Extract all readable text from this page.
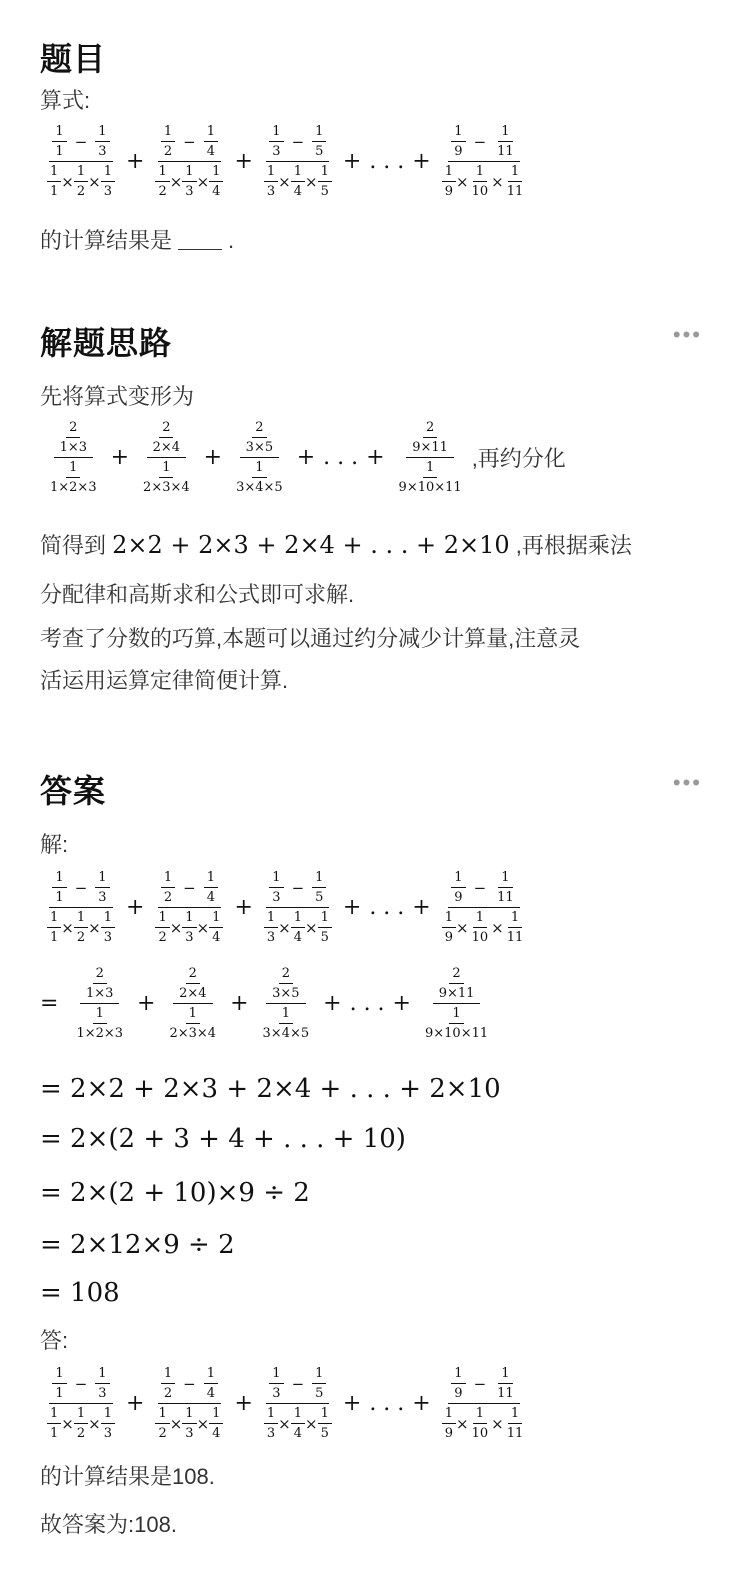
题目
算式:
$\frac{\frac{1}{1} - \frac{1}{3}}{\frac{1}{1} \times \frac{1}{2} \times \frac{1}{3}} + \frac{\frac{1}{2} - \frac{1}{4}}{\frac{1}{2} \times \frac{1}{3} \times \frac{1}{4}} + \frac{\frac{1}{3} - \frac{1}{5}}{\frac{1}{3} \times \frac{1}{4} \times \frac{1}{5}}$ + . . . + $\frac{\frac{1}{9} - \frac{1}{11}}{\frac{1}{9} \times \frac{1}{10} \times \frac{1}{11}}$
的计算结果是	.
解题思路	•••
先将算式变形为
$\frac{\frac{2}{1\times 3}}{\frac{1}{1\times 2\times 3}} + \frac{\frac{2}{2\times 4}}{\frac{1}{2\times 3\times 4}} + \frac{\frac{2}{3\times 5}}{\frac{1}{3\times 4\times 5}}$ + . . . + $\frac{\frac{2}{9\times 11}}{\frac{1}{9\times 10\times 11}}$ ,再约分化
简得到 2×2 + 2×3 + 2×4 + . . . + 2×10 ,再根据乘法
分配律和高斯求和公式即可求解.
考查了分数的巧算,本题可以通过约分减少计算量,注意灵
活运用运算定律简便计算.
答案	•••
解:
$\frac{\frac{1}{1} - \frac{1}{3}}{\frac{1}{1} \times \frac{1}{2} \times \frac{1}{3}} + \frac{\frac{1}{2} - \frac{1}{4}}{\frac{1}{2} \times \frac{1}{3} \times \frac{1}{4}} + \frac{\frac{1}{3} - \frac{1}{5}}{\frac{1}{3} \times \frac{1}{4} \times \frac{1}{5}}$ + . . . + $\frac{\frac{1}{9} - \frac{1}{11}}{\frac{1}{9} \times \frac{1}{10} \times \frac{1}{11}}$
= $\frac{\frac{2}{1\times 3}}{\frac{1}{1\times 2\times 3}} + \frac{\frac{2}{2\times 4}}{\frac{1}{2\times 3\times 4}} + \frac{\frac{2}{3\times 5}}{\frac{1}{3\times 4\times 5}}$ + . . . + $\frac{\frac{2}{9\times 11}}{\frac{1}{9\times 10\times 11}}$
= 2×2 + 2×3 + 2×4 + . . . + 2×10
= 2×(2 + 3 + 4 + . . . + 10)
= 2×(2 + 10)×9 ÷ 2
= 2×12×9 ÷ 2
= 108
答:
$\frac{\frac{1}{1} - \frac{1}{3}}{\frac{1}{1} \times \frac{1}{2} \times \frac{1}{3}} + \frac{\frac{1}{2} - \frac{1}{4}}{\frac{1}{2} \times \frac{1}{3} \times \frac{1}{4}} + \frac{\frac{1}{3} - \frac{1}{5}}{\frac{1}{3} \times \frac{1}{4} \times \frac{1}{5}}$ + . . . + $\frac{\frac{1}{9} - \frac{1}{11}}{\frac{1}{9} \times \frac{1}{10} \times \frac{1}{11}}$
的计算结果是108.
故答案为:108.
